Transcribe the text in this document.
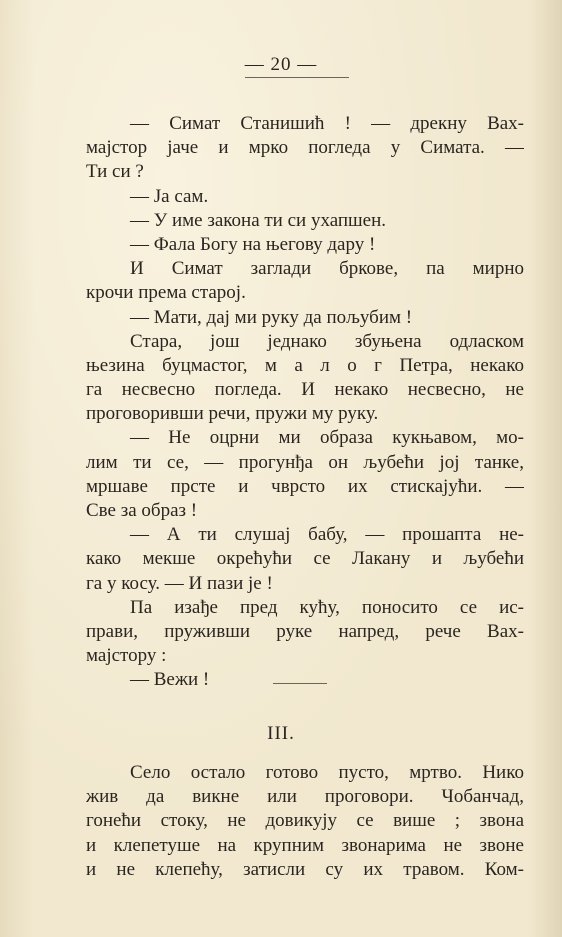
— 20 —
— Симат Станишић ! — дрекну Вах-
мајстор јаче и мрко погледа у Симата. —
Ти си ?
— Ја сам.
— У име закона ти си ухапшен.
— Фала Богу на његову дару !
И Симат заглади бркове, па мирно
крочи према старој.
— Мати, дај ми руку да пољубим !
Стара, још једнако збуњена одласком
њезина буцмастог, м а л о г Петра, некако
га несвесно погледа. И некако несвесно, не
проговоривши речи, пружи му руку.
— Не оцрни ми образа кукњавом, мо-
лим ти се, — прогунђа он љубећи јој танке,
мршаве прсте и чврсто их стискајући. —
Све за образ !
— А ти слушај бабу, — прошапта не-
како мекше окрећући се Лакану и љубећи
га у косу. — И пази је !
Па изађе пред кућу, поносито се ис-
прави, пруживши руке напред, рече Вах-
мајстору :
— Вежи !
III.
Село остало готово пусто, мртво. Нико
жив да викне или проговори. Чобанчад,
гонећи стоку, не довикују се више ; звона
и клепетуше на крупним звонарима не звоне
и не клепећу, затисли су их травом. Ком-
